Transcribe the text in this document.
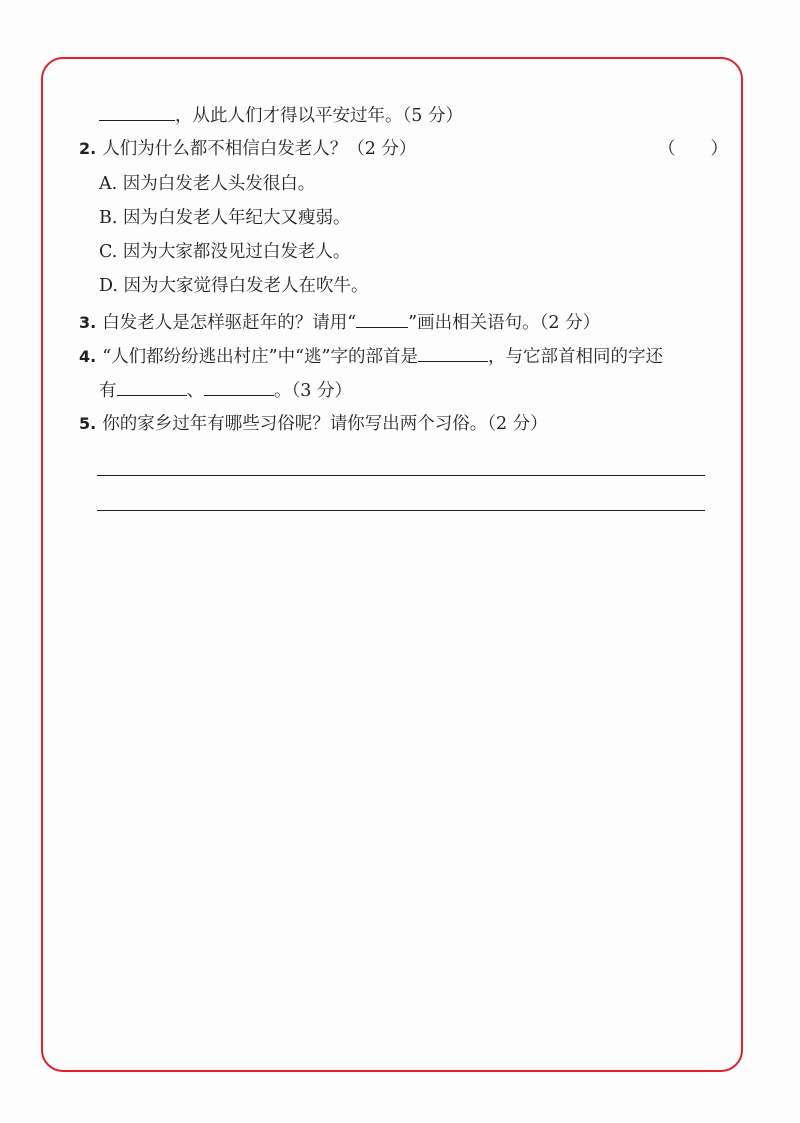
，从此人们才得以平安过年。（5 分）
2. 人们为什么都不相信白发老人？（2 分）	（　　）
A. 因为白发老人头发很白。
B. 因为白发老人年纪大又瘦弱。
C. 因为大家都没见过白发老人。
D. 因为大家觉得白发老人在吹牛。
3. 白发老人是怎样驱赶年的？请用“	”画出相关语句。（2 分）
4. “人们都纷纷逃出村庄”中“逃”字的部首是	，与它部首相同的字还
有	、	。（3 分）
5. 你的家乡过年有哪些习俗呢？请你写出两个习俗。（2 分）
